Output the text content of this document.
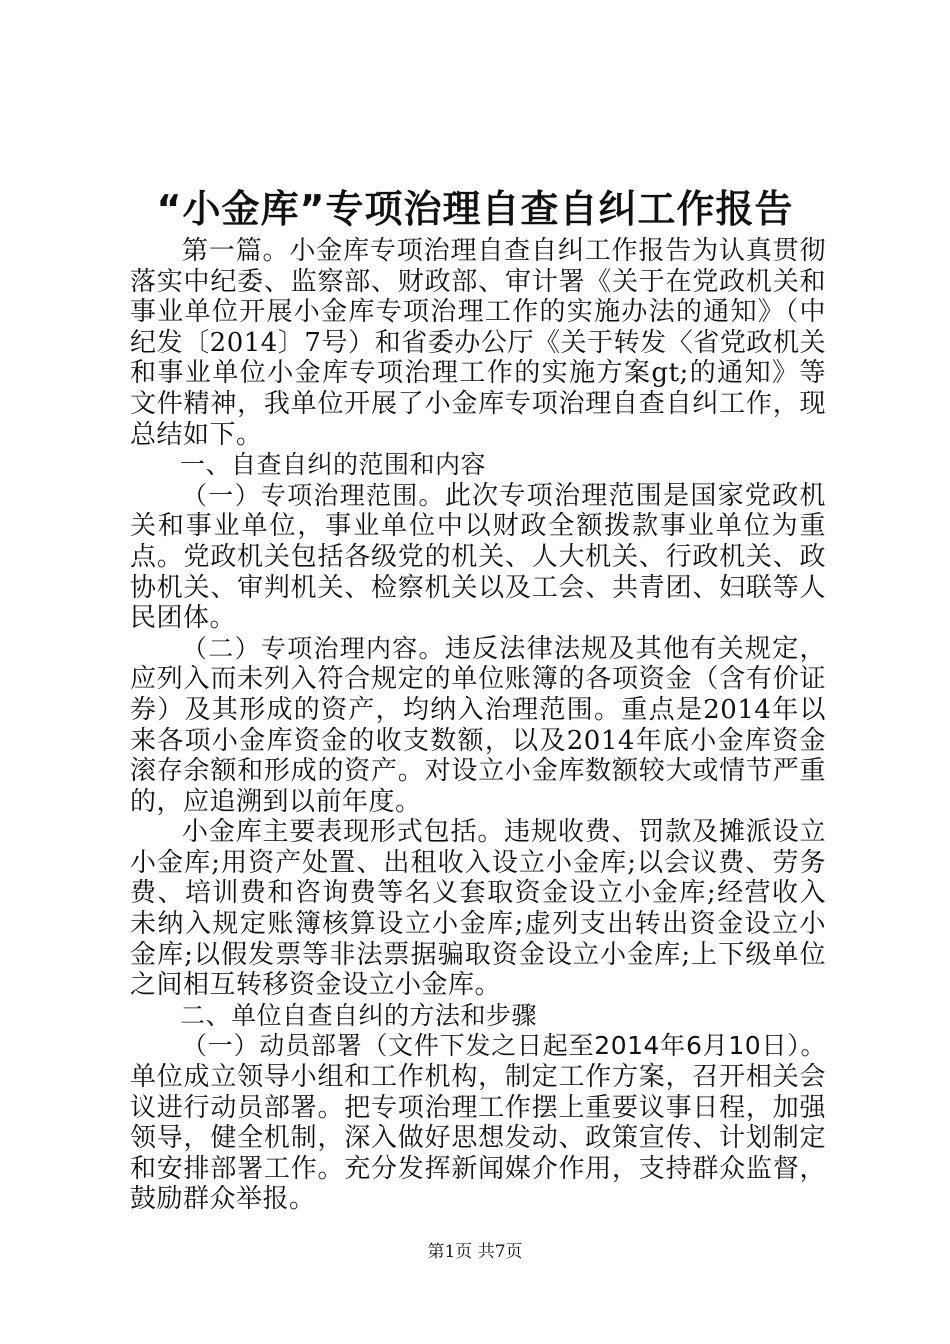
“小金库”专项治理自查自纠工作报告

第一篇。小金库专项治理自查自纠工作报告为认真贯彻落实中纪委、监察部、财政部、审计署《关于在党政机关和事业单位开展小金库专项治理工作的实施办法的通知》（中纪发〔2014〕7号）和省委办公厅《关于转发〈省党政机关和事业单位小金库专项治理工作的实施方案gt;的通知》等文件精神，我单位开展了小金库专项治理自查自纠工作，现总结如下。

一、自查自纠的范围和内容

（一）专项治理范围。此次专项治理范围是国家党政机关和事业单位，事业单位中以财政全额拨款事业单位为重点。党政机关包括各级党的机关、人大机关、行政机关、政协机关、审判机关、检察机关以及工会、共青团、妇联等人民团体。

（二）专项治理内容。违反法律法规及其他有关规定，应列入而未列入符合规定的单位账簿的各项资金（含有价证券）及其形成的资产，均纳入治理范围。重点是2014年以来各项小金库资金的收支数额，以及2014年底小金库资金滚存余额和形成的资产。对设立小金库数额较大或情节严重的，应追溯到以前年度。

小金库主要表现形式包括。违规收费、罚款及摊派设立小金库;用资产处置、出租收入设立小金库;以会议费、劳务费、培训费和咨询费等名义套取资金设立小金库;经营收入未纳入规定账簿核算设立小金库;虚列支出转出资金设立小金库;以假发票等非法票据骗取资金设立小金库;上下级单位之间相互转移资金设立小金库。

二、单位自查自纠的方法和步骤

（一）动员部署（文件下发之日起至2014年6月10日）。单位成立领导小组和工作机构，制定工作方案，召开相关会议进行动员部署。把专项治理工作摆上重要议事日程，加强领导，健全机制，深入做好思想发动、政策宣传、计划制定和安排部署工作。充分发挥新闻媒介作用，支持群众监督，鼓励群众举报。

第1页 共7页
